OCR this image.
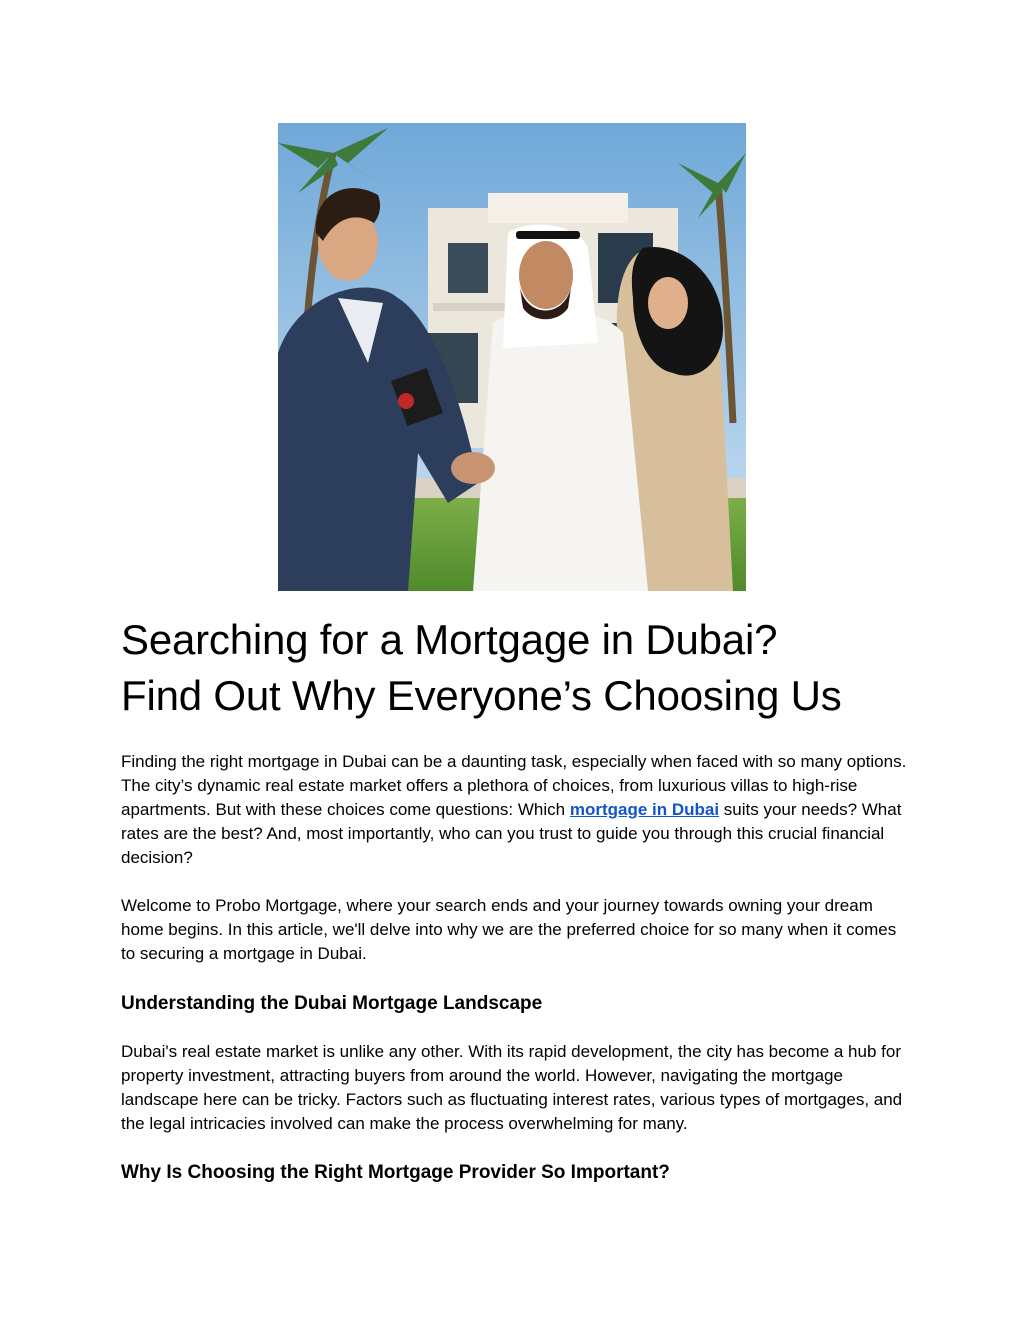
Searching for a Mortgage in Dubai?
Find Out Why Everyone’s Choosing Us

Finding the right mortgage in Dubai can be a daunting task, especially when faced with so many options. The city’s dynamic real estate market offers a plethora of choices, from luxurious villas to high-rise apartments. But with these choices come questions: Which mortgage in Dubai suits your needs? What rates are the best? And, most importantly, who can you trust to guide you through this crucial financial decision?

Welcome to Probo Mortgage, where your search ends and your journey towards owning your dream home begins. In this article, we'll delve into why we are the preferred choice for so many when it comes to securing a mortgage in Dubai.

Understanding the Dubai Mortgage Landscape

Dubai's real estate market is unlike any other. With its rapid development, the city has become a hub for property investment, attracting buyers from around the world. However, navigating the mortgage landscape here can be tricky. Factors such as fluctuating interest rates, various types of mortgages, and the legal intricacies involved can make the process overwhelming for many.

Why Is Choosing the Right Mortgage Provider So Important?
